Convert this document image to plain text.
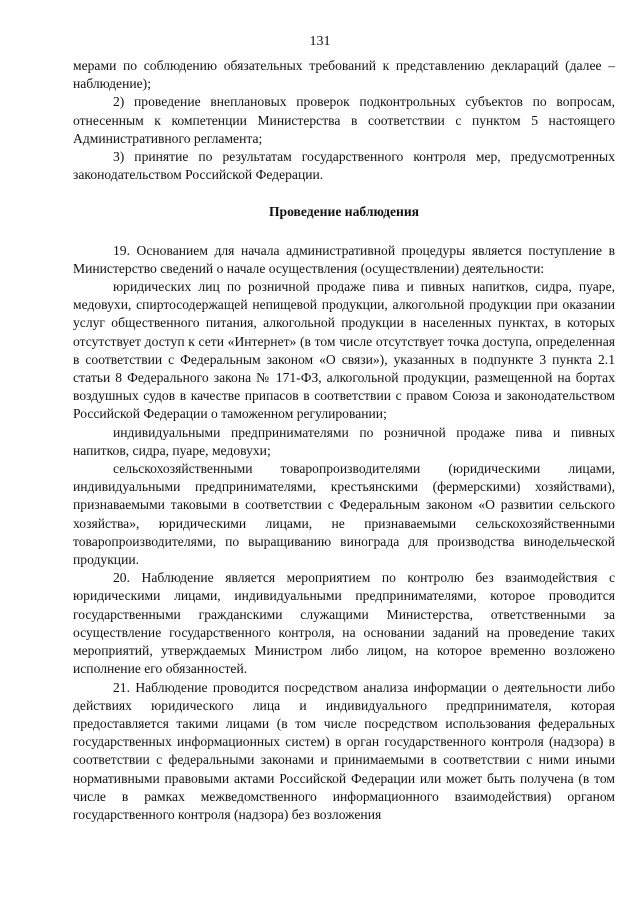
131

мерами по соблюдению обязательных требований к представлению деклараций (далее – наблюдение);

2) проведение внеплановых проверок подконтрольных субъектов по вопросам, отнесенным к компетенции Министерства в соответствии с пунктом 5 настоящего Административного регламента;

3) принятие по результатам государственного контроля мер, предусмотренных законодательством Российской Федерации.

Проведение наблюдения

19. Основанием для начала административной процедуры является поступление в Министерство сведений о начале осуществления (осуществлении) деятельности:

юридических лиц по розничной продаже пива и пивных напитков, сидра, пуаре, медовухи, спиртосодержащей непищевой продукции, алкогольной продукции при оказании услуг общественного питания, алкогольной продукции в населенных пунктах, в которых отсутствует доступ к сети «Интернет» (в том числе отсутствует точка доступа, определенная в соответствии с Федеральным законом «О связи»), указанных в подпункте 3 пункта 2.1 статьи 8 Федерального закона № 171-ФЗ, алкогольной продукции, размещенной на бортах воздушных судов в качестве припасов в соответствии с правом Союза и законодательством Российской Федерации о таможенном регулировании;

индивидуальными предпринимателями по розничной продаже пива и пивных напитков, сидра, пуаре, медовухи;

сельскохозяйственными товаропроизводителями (юридическими лицами, индивидуальными предпринимателями, крестьянскими (фермерскими) хозяйствами), признаваемыми таковыми в соответствии с Федеральным законом «О развитии сельского хозяйства», юридическими лицами, не признаваемыми сельскохозяйственными товаропроизводителями, по выращиванию винограда для производства винодельческой продукции.

20. Наблюдение является мероприятием по контролю без взаимодействия с юридическими лицами, индивидуальными предпринимателями, которое проводится государственными гражданскими служащими Министерства, ответственными за осуществление государственного контроля, на основании заданий на проведение таких мероприятий, утверждаемых Министром либо лицом, на которое временно возложено исполнение его обязанностей.

21. Наблюдение проводится посредством анализа информации о деятельности либо действиях юридического лица и индивидуального предпринимателя, которая предоставляется такими лицами (в том числе посредством использования федеральных государственных информационных систем) в орган государственного контроля (надзора) в соответствии с федеральными законами и принимаемыми в соответствии с ними иными нормативными правовыми актами Российской Федерации или может быть получена (в том числе в рамках межведомственного информационного взаимодействия) органом государственного контроля (надзора) без возложения
